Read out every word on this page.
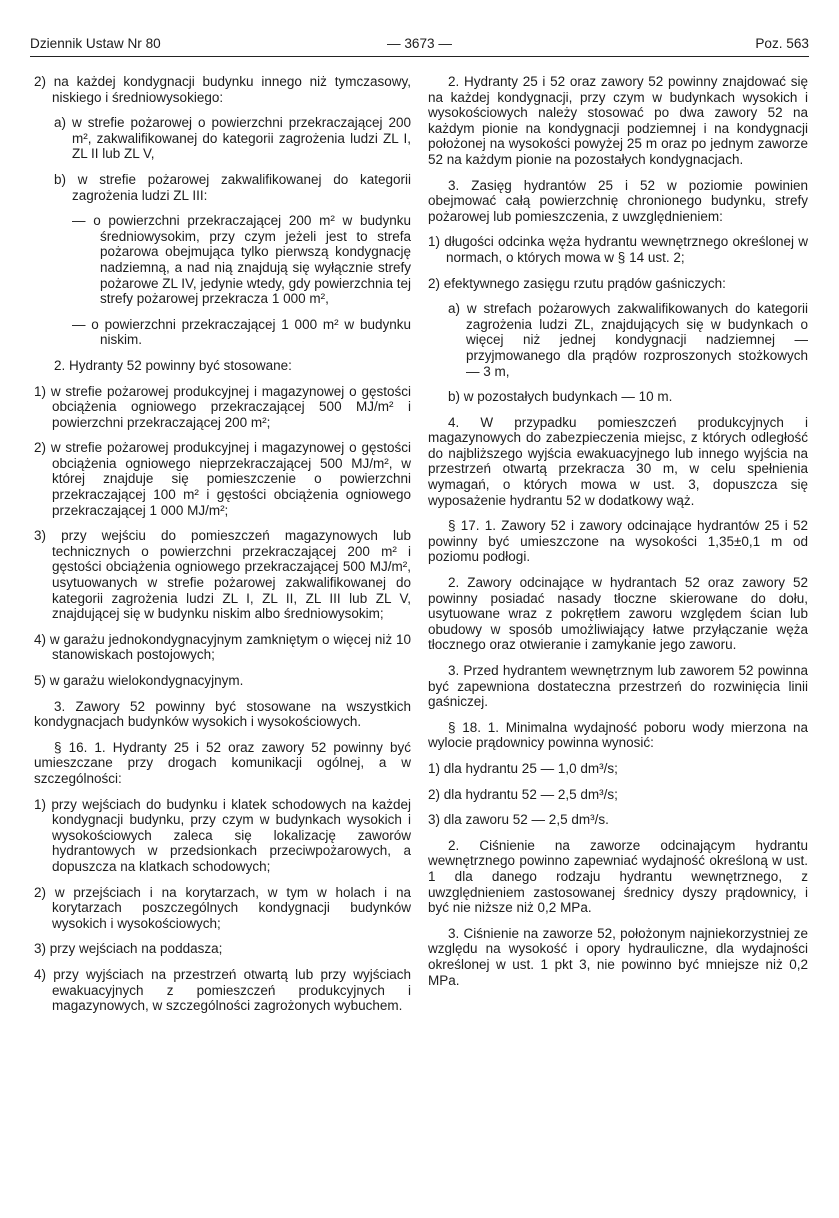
Dziennik Ustaw Nr 80	— 3673 —	Poz. 563
2) na każdej kondygnacji budynku innego niż tymczasowy, niskiego i średniowysokiego:
a) w strefie pożarowej o powierzchni przekraczającej 200 m², zakwalifikowanej do kategorii zagrożenia ludzi ZL I, ZL II lub ZL V,
b) w strefie pożarowej zakwalifikowanej do kategorii zagrożenia ludzi ZL III:
— o powierzchni przekraczającej 200 m² w budynku średniowysokim, przy czym jeżeli jest to strefa pożarowa obejmująca tylko pierwszą kondygnację nadziemną, a nad nią znajdują się wyłącznie strefy pożarowe ZL IV, jedynie wtedy, gdy powierzchnia tej strefy pożarowej przekracza 1 000 m²,
— o powierzchni przekraczającej 1 000 m² w budynku niskim.
2. Hydranty 52 powinny być stosowane:
1) w strefie pożarowej produkcyjnej i magazynowej o gęstości obciążenia ogniowego przekraczającej 500 MJ/m² i powierzchni przekraczającej 200 m²;
2) w strefie pożarowej produkcyjnej i magazynowej o gęstości obciążenia ogniowego nieprzekraczającej 500 MJ/m², w której znajduje się pomieszczenie o powierzchni przekraczającej 100 m² i gęstości obciążenia ogniowego przekraczającej 1 000 MJ/m²;
3) przy wejściu do pomieszczeń magazynowych lub technicznych o powierzchni przekraczającej 200 m² i gęstości obciążenia ogniowego przekraczającej 500 MJ/m², usytuowanych w strefie pożarowej zakwalifikowanej do kategorii zagrożenia ludzi ZL I, ZL II, ZL III lub ZL V, znajdującej się w budynku niskim albo średniowysokim;
4) w garażu jednokondygnacyjnym zamkniętym o więcej niż 10 stanowiskach postojowych;
5) w garażu wielokondygnacyjnym.
3. Zawory 52 powinny być stosowane na wszystkich kondygnacjach budynków wysokich i wysokościowych.
§ 16. 1. Hydranty 25 i 52 oraz zawory 52 powinny być umieszczane przy drogach komunikacji ogólnej, a w szczególności:
1) przy wejściach do budynku i klatek schodowych na każdej kondygnacji budynku, przy czym w budynkach wysokich i wysokościowych zaleca się lokalizację zaworów hydrantowych w przedsionkach przeciwpożarowych, a dopuszcza na klatkach schodowych;
2) w przejściach i na korytarzach, w tym w holach i na korytarzach poszczególnych kondygnacji budynków wysokich i wysokościowych;
3) przy wejściach na poddasza;
4) przy wyjściach na przestrzeń otwartą lub przy wyjściach ewakuacyjnych z pomieszczeń produkcyjnych i magazynowych, w szczególności zagrożonych wybuchem.
2. Hydranty 25 i 52 oraz zawory 52 powinny znajdować się na każdej kondygnacji, przy czym w budynkach wysokich i wysokościowych należy stosować po dwa zawory 52 na każdym pionie na kondygnacji podziemnej i na kondygnacji położonej na wysokości powyżej 25 m oraz po jednym zaworze 52 na każdym pionie na pozostałych kondygnacjach.
3. Zasięg hydrantów 25 i 52 w poziomie powinien obejmować całą powierzchnię chronionego budynku, strefy pożarowej lub pomieszczenia, z uwzględnieniem:
1) długości odcinka węża hydrantu wewnętrznego określonej w normach, o których mowa w § 14 ust. 2;
2) efektywnego zasięgu rzutu prądów gaśniczych:
a) w strefach pożarowych zakwalifikowanych do kategorii zagrożenia ludzi ZL, znajdujących się w budynkach o więcej niż jednej kondygnacji nadziemnej — przyjmowanego dla prądów rozproszonych stożkowych — 3 m,
b) w pozostałych budynkach — 10 m.
4. W przypadku pomieszczeń produkcyjnych i magazynowych do zabezpieczenia miejsc, z których odległość do najbliższego wyjścia ewakuacyjnego lub innego wyjścia na przestrzeń otwartą przekracza 30 m, w celu spełnienia wymagań, o których mowa w ust. 3, dopuszcza się wyposażenie hydrantu 52 w dodatkowy wąż.
§ 17. 1. Zawory 52 i zawory odcinające hydrantów 25 i 52 powinny być umieszczone na wysokości 1,35±0,1 m od poziomu podłogi.
2. Zawory odcinające w hydrantach 52 oraz zawory 52 powinny posiadać nasady tłoczne skierowane do dołu, usytuowane wraz z pokrętłem zaworu względem ścian lub obudowy w sposób umożliwiający łatwe przyłączanie węża tłocznego oraz otwieranie i zamykanie jego zaworu.
3. Przed hydrantem wewnętrznym lub zaworem 52 powinna być zapewniona dostateczna przestrzeń do rozwinięcia linii gaśniczej.
§ 18. 1. Minimalna wydajność poboru wody mierzona na wylocie prądownicy powinna wynosić:
1) dla hydrantu 25 — 1,0 dm³/s;
2) dla hydrantu 52 — 2,5 dm³/s;
3) dla zaworu 52 — 2,5 dm³/s.
2. Ciśnienie na zaworze odcinającym hydrantu wewnętrznego powinno zapewniać wydajność określoną w ust. 1 dla danego rodzaju hydrantu wewnętrznego, z uwzględnieniem zastosowanej średnicy dyszy prądownicy, i być nie niższe niż 0,2 MPa.
3. Ciśnienie na zaworze 52, położonym najniekorzystniej ze względu na wysokość i opory hydrauliczne, dla wydajności określonej w ust. 1 pkt 3, nie powinno być mniejsze niż 0,2 MPa.
